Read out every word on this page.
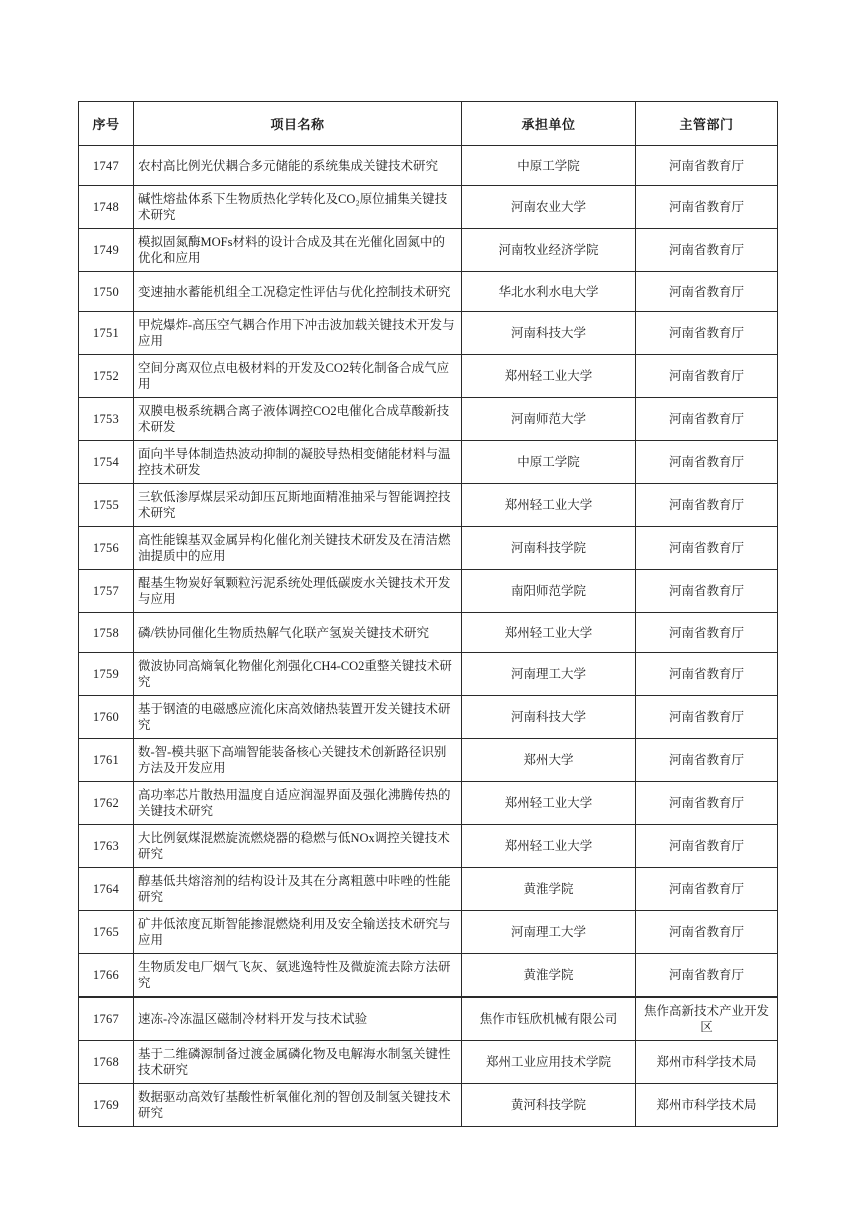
序号	项目名称	承担单位	主管部门
1747	农村高比例光伏耦合多元储能的系统集成关键技术研究	中原工学院	河南省教育厅
1748	碱性熔盐体系下生物质热化学转化及CO₂原位捕集关键技术研究	河南农业大学	河南省教育厅
1749	模拟固氮酶MOFs材料的设计合成及其在光催化固氮中的优化和应用	河南牧业经济学院	河南省教育厅
1750	变速抽水蓄能机组全工况稳定性评估与优化控制技术研究	华北水利水电大学	河南省教育厅
1751	甲烷爆炸-高压空气耦合作用下冲击波加载关键技术开发与应用	河南科技大学	河南省教育厅
1752	空间分离双位点电极材料的开发及CO2转化制备合成气应用	郑州轻工业大学	河南省教育厅
1753	双膜电极系统耦合离子液体调控CO2电催化合成草酸新技术研发	河南师范大学	河南省教育厅
1754	面向半导体制造热波动抑制的凝胶导热相变储能材料与温控技术研发	中原工学院	河南省教育厅
1755	三软低渗厚煤层采动卸压瓦斯地面精准抽采与智能调控技术研究	郑州轻工业大学	河南省教育厅
1756	高性能镍基双金属异构化催化剂关键技术研发及在清洁燃油提质中的应用	河南科技学院	河南省教育厅
1757	醌基生物炭好氧颗粒污泥系统处理低碳废水关键技术开发与应用	南阳师范学院	河南省教育厅
1758	磷/铁协同催化生物质热解气化联产氢炭关键技术研究	郑州轻工业大学	河南省教育厅
1759	微波协同高熵氧化物催化剂强化CH4-CO2重整关键技术研究	河南理工大学	河南省教育厅
1760	基于钢渣的电磁感应流化床高效储热装置开发关键技术研究	河南科技大学	河南省教育厅
1761	数-智-模共驱下高端智能装备核心关键技术创新路径识别方法及开发应用	郑州大学	河南省教育厅
1762	高功率芯片散热用温度自适应润湿界面及强化沸腾传热的关键技术研究	郑州轻工业大学	河南省教育厅
1763	大比例氨煤混燃旋流燃烧器的稳燃与低NOx调控关键技术研究	郑州轻工业大学	河南省教育厅
1764	醇基低共熔溶剂的结构设计及其在分离粗蒽中咔唑的性能研究	黄淮学院	河南省教育厅
1765	矿井低浓度瓦斯智能掺混燃烧利用及安全输送技术研究与应用	河南理工大学	河南省教育厅
1766	生物质发电厂烟气飞灰、氨逃逸特性及微旋流去除方法研究	黄淮学院	河南省教育厅
1767	速冻-冷冻温区磁制冷材料开发与技术试验	焦作市钰欣机械有限公司	焦作高新技术产业开发区
1768	基于二维磷源制备过渡金属磷化物及电解海水制氢关键性技术研究	郑州工业应用技术学院	郑州市科学技术局
1769	数据驱动高效钌基酸性析氧催化剂的智创及制氢关键技术研究	黄河科技学院	郑州市科学技术局
